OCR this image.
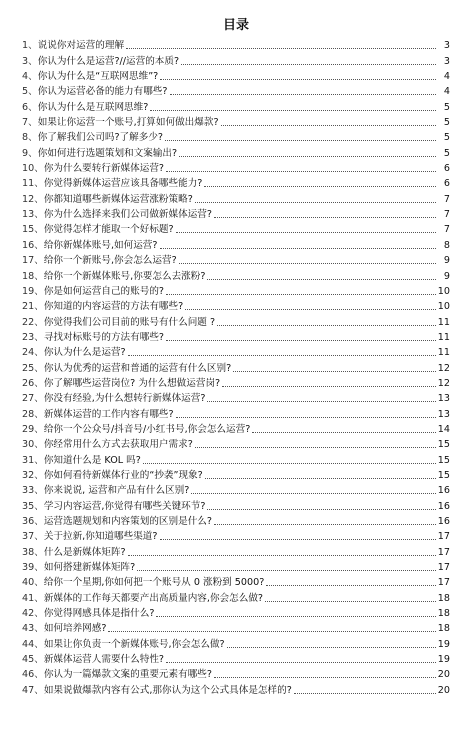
目录
1、 说说你对运营的理解	3
3、 你认为什么是运营?//运营的本质?	3
4、 你认为什么是“互联网思维”?	4
5、 你认为运营必备的能力有哪些?	4
6、 你认为什么是互联网思维?	5
7、 如果让你运营一个账号,打算如何做出爆款?	5
8、 你了解我们公司吗?了解多少?	5
9、 你如何进行选题策划和文案输出?	5
10、 你为什么要转行新媒体运营?	6
11、 你觉得新媒体运营应该具备哪些能力?	6
12、 你都知道哪些新媒体运营涨粉策略?	7
13、 你为什么选择来我们公司做新媒体运营?	7
15、 你觉得怎样才能取一个好标题?	7
16、 给你新媒体账号,如何运营?	8
17、 给你一个新账号,你会怎么运营?	9
18、 给你一个新媒体账号,你要怎么去涨粉?	9
19、 你是如何运营自己的账号的?	10
21、 你知道的内容运营的方法有哪些?	10
22、 你觉得我们公司目前的账号有什么问题 ?	11
23、 寻找对标账号的方法有哪些?	11
24、 你认为什么是运营?	11
25、 你认为优秀的运营和普通的运营有什么区别?	12
26、 你了解哪些运营岗位? 为什么想做运营岗?	12
27、 你没有经验,为什么想转行新媒体运营?	13
28、 新媒体运营的工作内容有哪些?	13
29、 给你一个公众号/抖音号/小红书号,你会怎么运营?	14
30、 你经常用什么方式去获取用户需求?	15
31、 你知道什么是 KOL 吗?	15
32、 你如何看待新媒体行业的“抄袭”现象?	15
33、 你来说说, 运营和产品有什么区别?	16
35、 学习内容运营,你觉得有哪些关键环节?	16
36、 运营选题规划和内容策划的区别是什么?	16
37、 关于拉新,你知道哪些渠道?	17
38、 什么是新媒体矩阵?	17
39、 如何搭建新媒体矩阵?	17
40、 给你一个星期,你如何把一个账号从 0 涨粉到 5000?	17
41、 新媒体的工作每天都要产出高质量内容,你会怎么做?	18
42、 你觉得网感具体是指什么?	18
43、 如何培养网感?	18
44、 如果让你负责一个新媒体账号,你会怎么做?	19
45、 新媒体运营人需要什么特性?	19
46、 你认为一篇爆款文案的重要元素有哪些?	20
47、 如果说做爆款内容有公式,那你认为这个公式具体是怎样的?	20
